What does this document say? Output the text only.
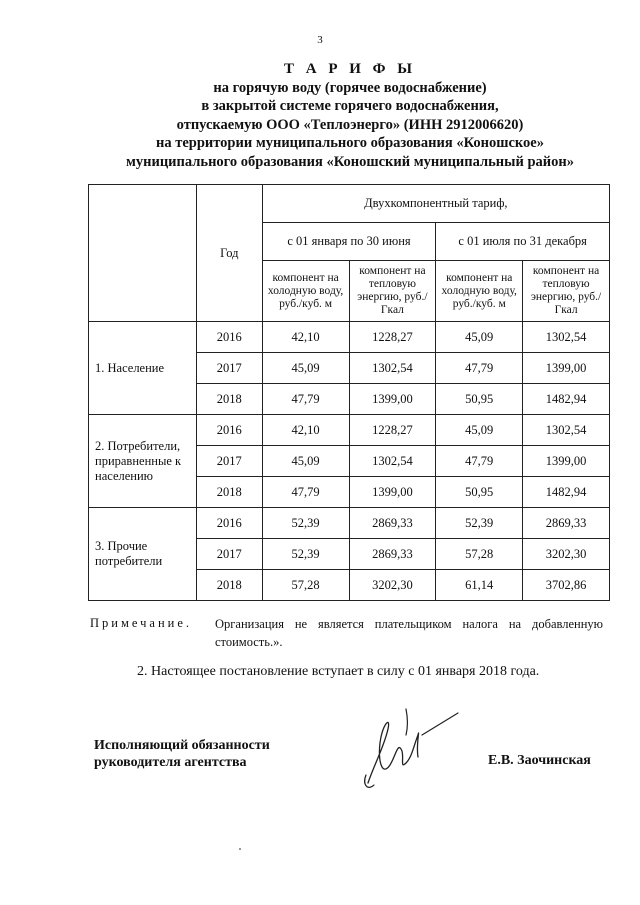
3
Т А Р И Ф Ы
на горячую воду (горячее водоснабжение)
в закрытой системе горячего водоснабжения,
отпускаемую ООО «Теплоэнерго» (ИНН 2912006620)
на территории муниципального образования «Коношское»
муниципального образования «Коношский муниципальный район»
	Год	Двухкомпонентный тариф,			
		с 01 января по 30 июня		с 01 июля по 31 декабря	
		компонент на холодную воду, руб./куб. м	компонент на тепловую энергию, руб./Гкал	компонент на холодную воду, руб./куб. м	компонент на тепловую энергию, руб./Гкал
1. Население	2016	42,10	1228,27	45,09	1302,54
	2017	45,09	1302,54	47,79	1399,00
	2018	47,79	1399,00	50,95	1482,94
2. Потребители, приравненные к населению	2016	42,10	1228,27	45,09	1302,54
	2017	45,09	1302,54	47,79	1399,00
	2018	47,79	1399,00	50,95	1482,94
3. Прочие потребители	2016	52,39	2869,33	52,39	2869,33
	2017	52,39	2869,33	57,28	3202,30
	2018	57,28	3202,30	61,14	3702,86
Примечание. Организация не является плательщиком налога на добавленную
стоимость.».
2. Настоящее постановление вступает в силу с 01 января 2018 года.
Исполняющий обязанности
руководителя агентства	Е.В. Заочинская
